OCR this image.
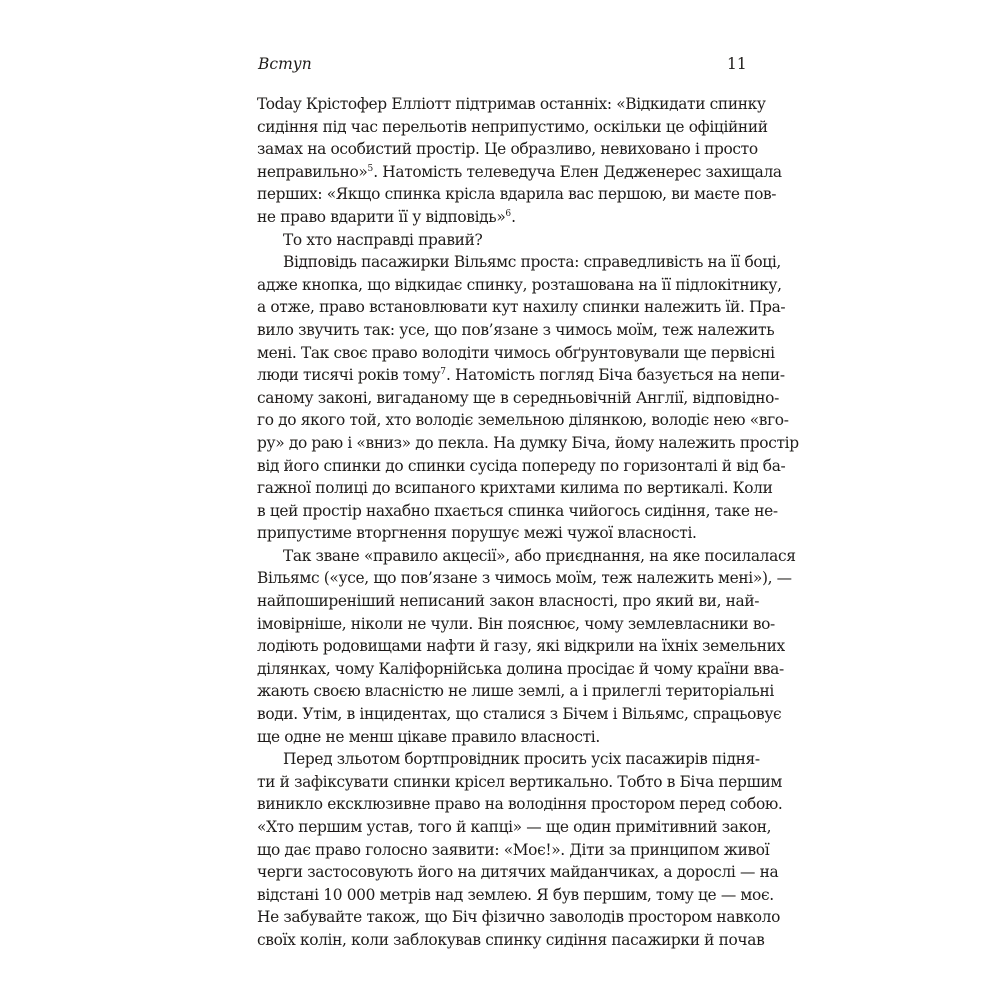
Вступ	11
Today Крістофер Елліотт підтримав останніх: «Відкидати спинку
сидіння під час перельотів неприпустимо, оскільки це офіційний
замах на особистий простір. Це образливо, невиховано і просто
неправильно»$^5$. Натомість телеведуча Елен Дедженерес захищала
перших: «Якщо спинка крісла вдарила вас першою, ви маєте пов-
не право вдарити її у відповідь»$^6$.
То хто насправді правий?
Відповідь пасажирки Вільямс проста: справедливість на її боці,
адже кнопка, що відкидає спинку, розташована на її підлокітнику,
а отже, право встановлювати кут нахилу спинки належить їй. Пра-
вило звучить так: усе, що пов’язане з чимось моїм, теж належить
мені. Так своє право володіти чимось обґрунтовували ще первісні
люди тисячі років тому$^7$. Натомість погляд Біча базується на непи-
саному законі, вигаданому ще в середньовічній Англії, відповідно-
го до якого той, хто володіє земельною ділянкою, володіє нею «вго-
ру» до раю і «вниз» до пекла. На думку Біча, йому належить простір
від його спинки до спинки сусіда попереду по горизонталі й від ба-
гажної полиці до всипаного крихтами килима по вертикалі. Коли
в цей простір нахабно пхається спинка чийогось сидіння, таке не-
припустиме вторгнення порушує межі чужої власності.
Так зване «правило акцесії», або приєднання, на яке посилалася
Вільямс («усе, що пов’язане з чимось моїм, теж належить мені»), —
найпоширеніший неписаний закон власності, про який ви, най-
імовірніше, ніколи не чули. Він пояснює, чому землевласники во-
лодіють родовищами нафти й газу, які відкрили на їхніх земельних
ділянках, чому Каліфорнійська долина просідає й чому країни вва-
жають своєю власністю не лише землі, а і прилеглі територіальні
води. Утім, в інцидентах, що сталися з Бічем і Вільямс, спрацьовує
ще одне не менш цікаве правило власності.
Перед зльотом бортпровідник просить усіх пасажирів підня-
ти й зафіксувати спинки крісел вертикально. Тобто в Біча першим
виникло ексклюзивне право на володіння простором перед собою.
«Хто першим устав, того й капці» — ще один примітивний закон,
що дає право голосно заявити: «Моє!». Діти за принципом живої
черги застосовують його на дитячих майданчиках, а дорослі — на
відстані 10 000 метрів над землею. Я був першим, тому це — моє.
Не забувайте також, що Біч фізично заволодів простором навколо
своїх колін, коли заблокував спинку сидіння пасажирки й почав
